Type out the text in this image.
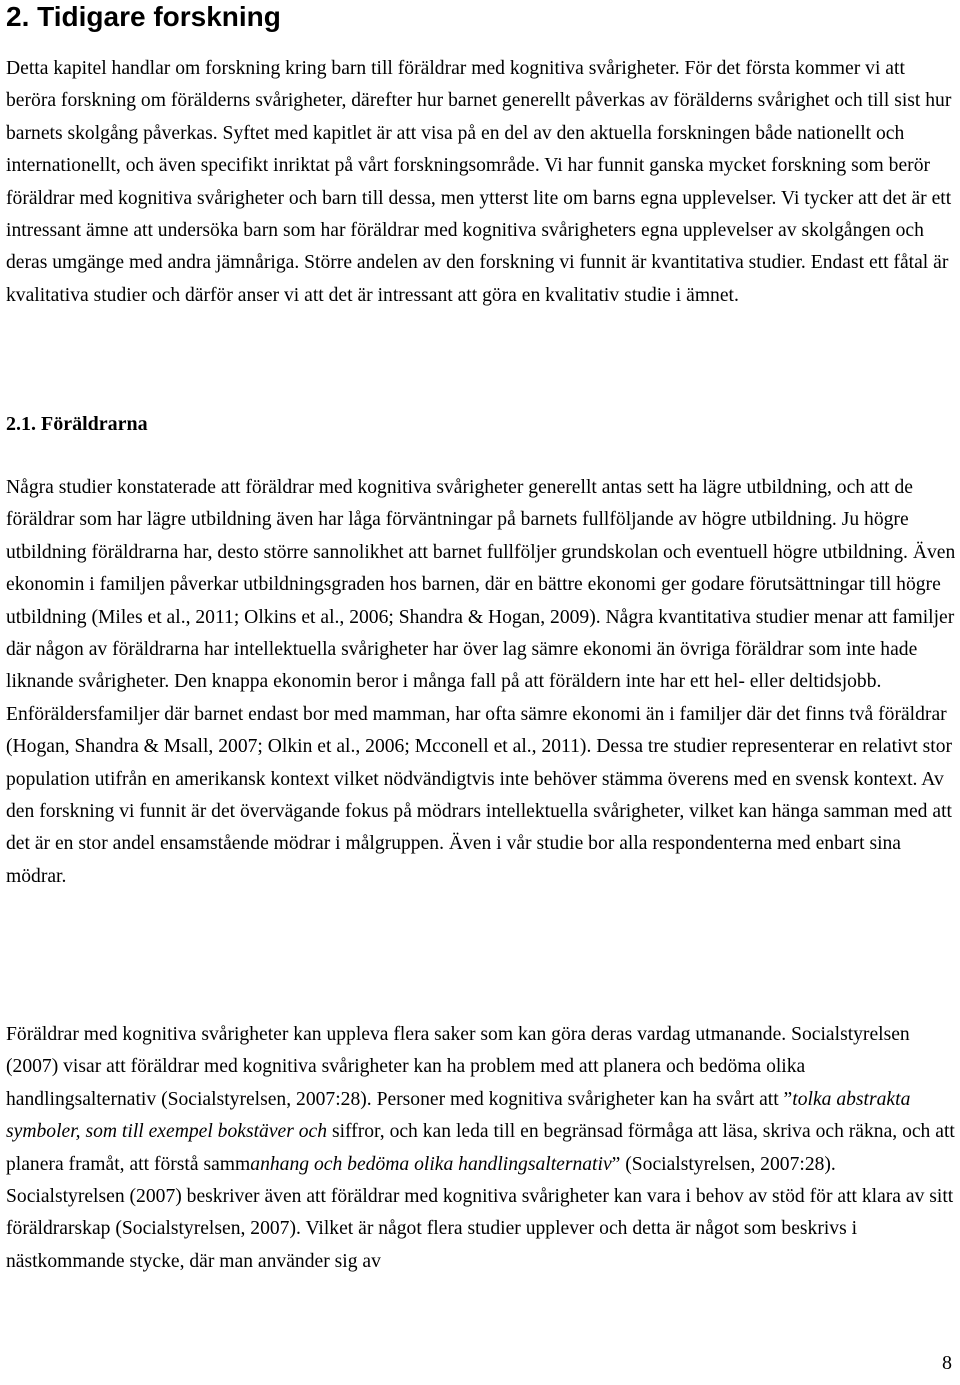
2. Tidigare forskning

Detta kapitel handlar om forskning kring barn till föräldrar med kognitiva svårigheter. För det första kommer vi att beröra forskning om förälderns svårigheter, därefter hur barnet generellt påverkas av förälderns svårighet och till sist hur barnets skolgång påverkas. Syftet med kapitlet är att visa på en del av den aktuella forskningen både nationellt och internationellt, och även specifikt inriktat på vårt forskningsområde. Vi har funnit ganska mycket forskning som berör föräldrar med kognitiva svårigheter och barn till dessa, men ytterst lite om barns egna upplevelser. Vi tycker att det är ett intressant ämne att undersöka barn som har föräldrar med kognitiva svårigheters egna upplevelser av skolgången och deras umgänge med andra jämnåriga. Större andelen av den forskning vi funnit är kvantitativa studier. Endast ett fåtal är kvalitativa studier och därför anser vi att det är intressant att göra en kvalitativ studie i ämnet.

2.1. Föräldrarna

Några studier konstaterade att föräldrar med kognitiva svårigheter generellt antas sett ha lägre utbildning, och att de föräldrar som har lägre utbildning även har låga förväntningar på barnets fullföljande av högre utbildning. Ju högre utbildning föräldrarna har, desto större sannolikhet att barnet fullföljer grundskolan och eventuell högre utbildning. Även ekonomin i familjen påverkar utbildningsgraden hos barnen, där en bättre ekonomi ger godare förutsättningar till högre utbildning (Miles et al., 2011; Olkins et al., 2006; Shandra & Hogan, 2009). Några kvantitativa studier menar att familjer där någon av föräldrarna har intellektuella svårigheter har över lag sämre ekonomi än övriga föräldrar som inte hade liknande svårigheter. Den knappa ekonomin beror i många fall på att föräldern inte har ett hel- eller deltidsjobb. Enföräldersfamiljer där barnet endast bor med mamman, har ofta sämre ekonomi än i familjer där det finns två föräldrar (Hogan, Shandra & Msall, 2007; Olkin et al., 2006; Mcconell et al., 2011). Dessa tre studier representerar en relativt stor population utifrån en amerikansk kontext vilket nödvändigtvis inte behöver stämma överens med en svensk kontext. Av den forskning vi funnit är det övervägande fokus på mödrars intellektuella svårigheter, vilket kan hänga samman med att det är en stor andel ensamstående mödrar i målgruppen. Även i vår studie bor alla respondenterna med enbart sina mödrar.

Föräldrar med kognitiva svårigheter kan uppleva flera saker som kan göra deras vardag utmanande. Socialstyrelsen (2007) visar att föräldrar med kognitiva svårigheter kan ha problem med att planera och bedöma olika handlingsalternativ (Socialstyrelsen, 2007:28). Personer med kognitiva svårigheter kan ha svårt att ”tolka abstrakta symboler, som till exempel bokstäver och siffror, och kan leda till en begränsad förmåga att läsa, skriva och räkna, och att planera framåt, att förstå sammanhang och bedöma olika handlingsalternativ” (Socialstyrelsen, 2007:28). Socialstyrelsen (2007) beskriver även att föräldrar med kognitiva svårigheter kan vara i behov av stöd för att klara av sitt föräldrarskap (Socialstyrelsen, 2007). Vilket är något flera studier upplever och detta är något som beskrivs i nästkommande stycke, där man använder sig av

8
